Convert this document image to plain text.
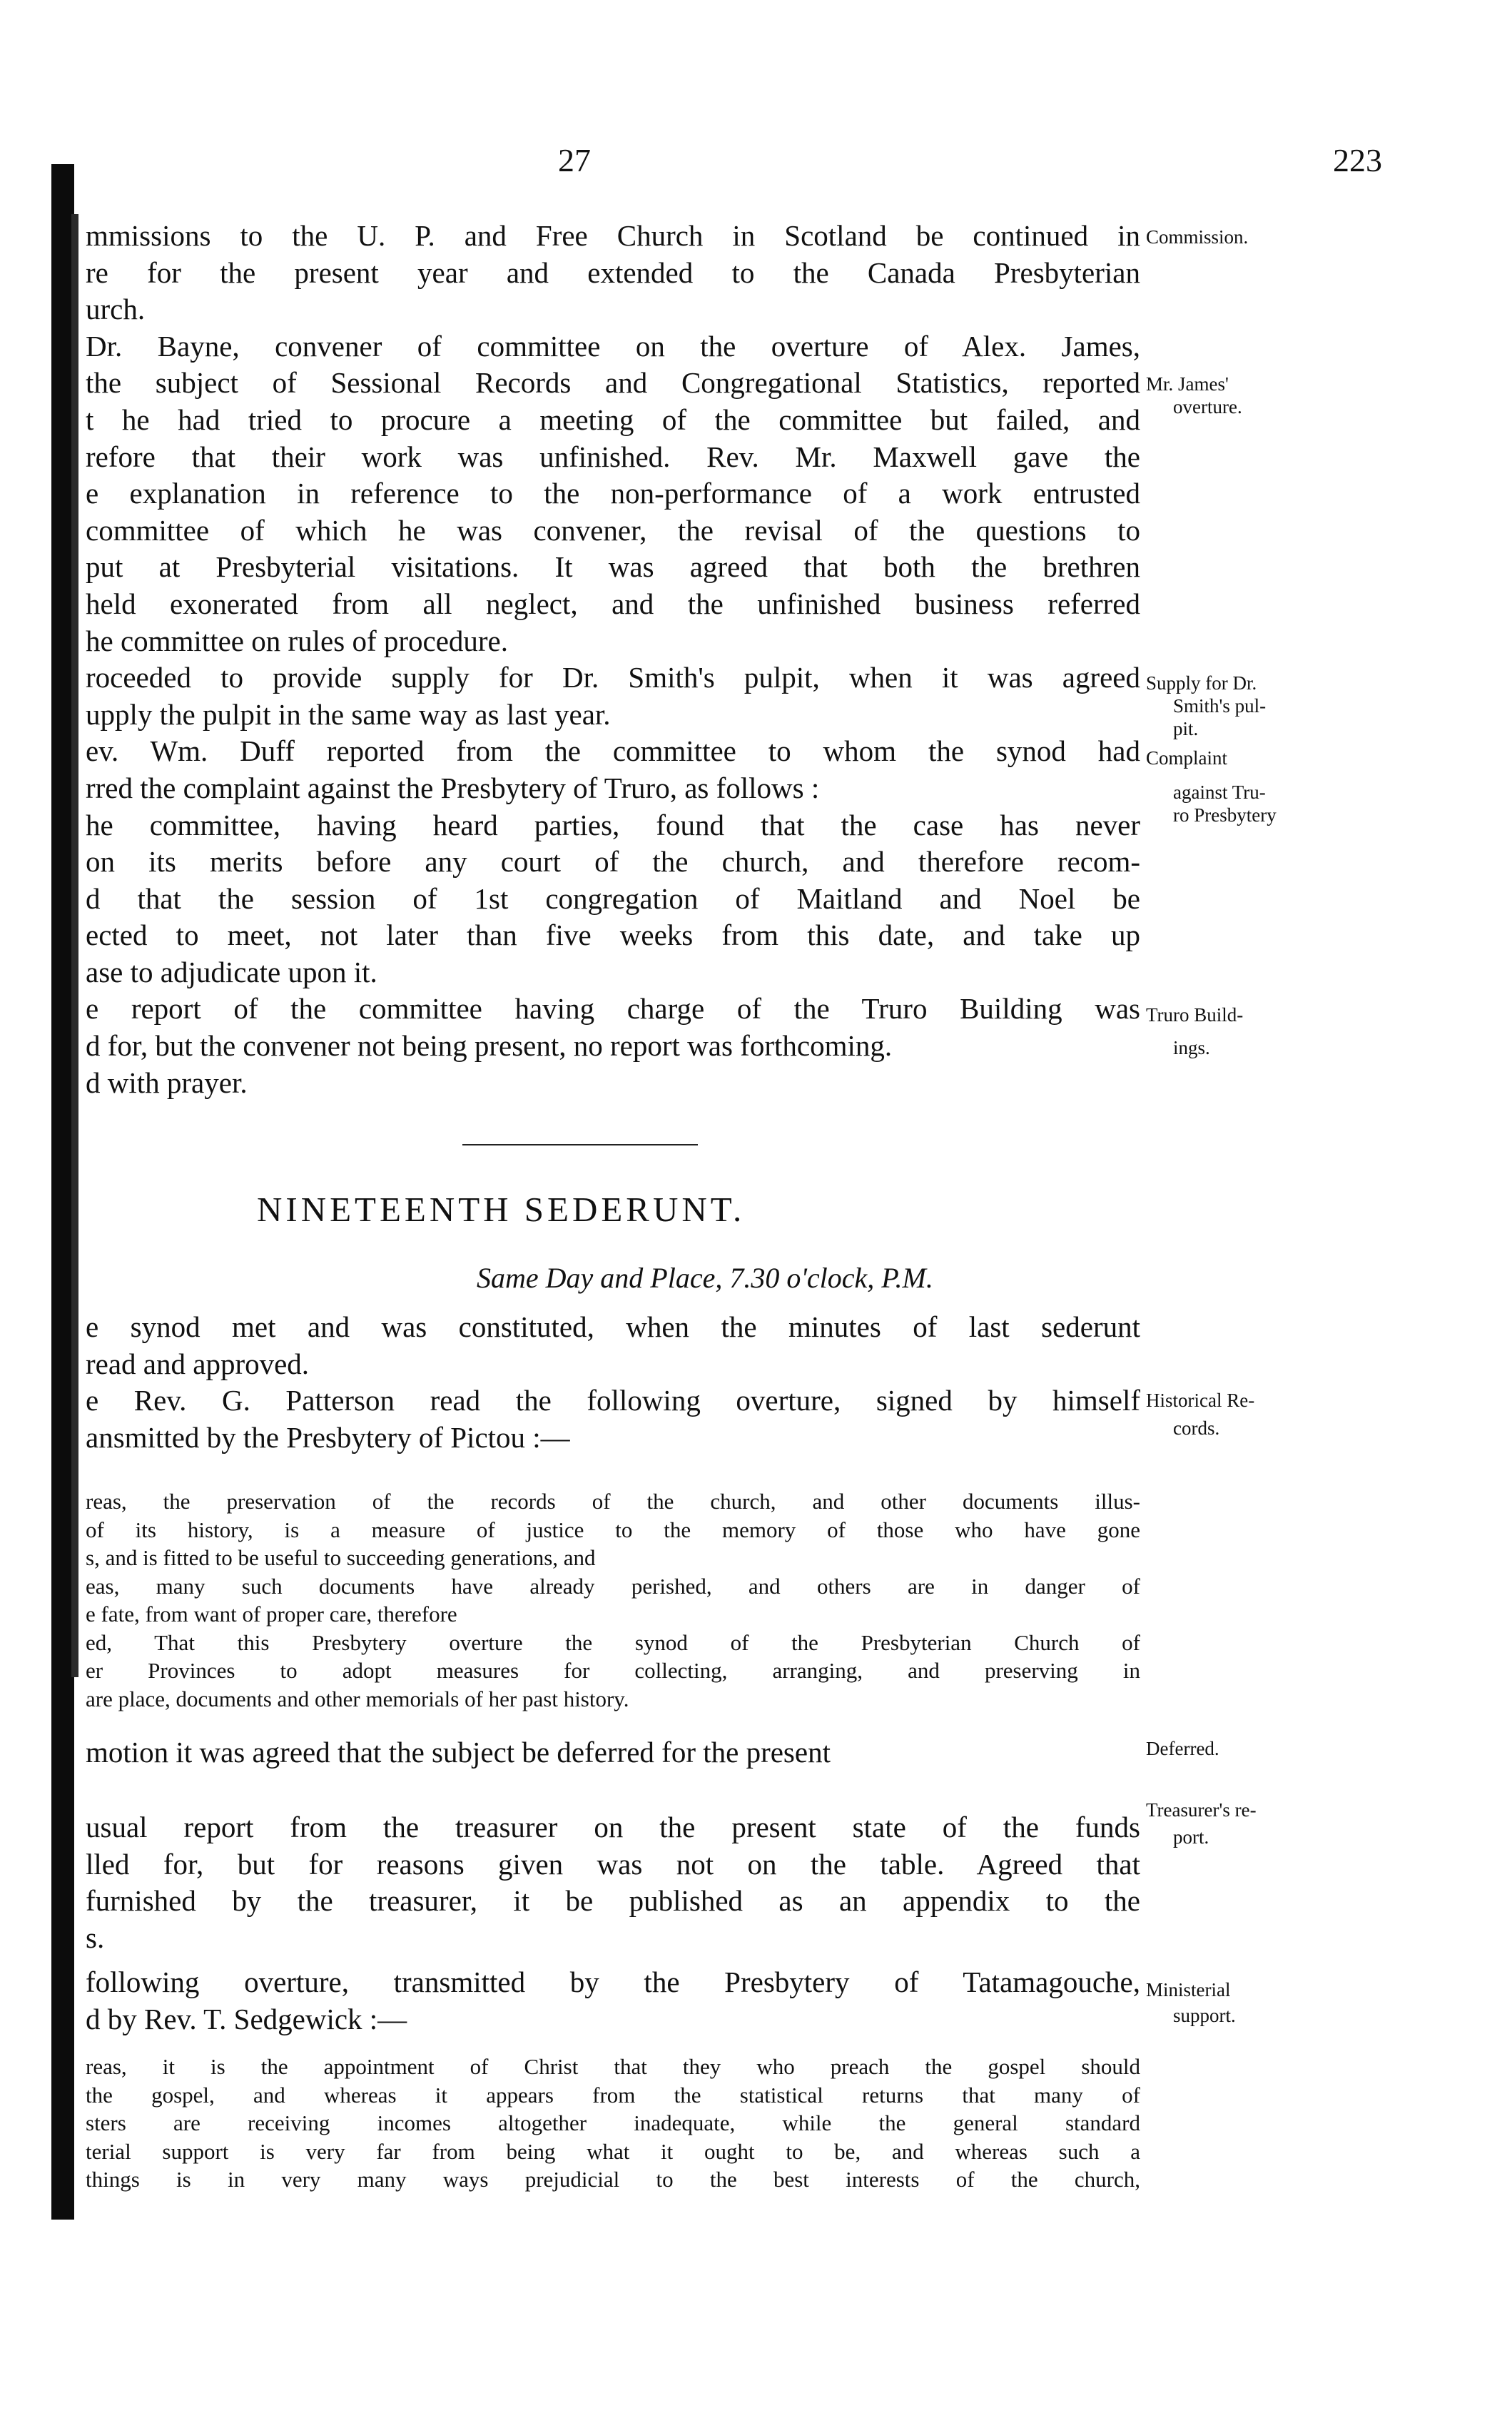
27	223

mmissions to the U. P. and Free Church in Scotland be continued in

re for the present year and extended to the Canada Presbyterian

urch.

Dr. Bayne, convener of committee on the overture of Alex. James,

the subject of Sessional Records and Congregational Statistics, reported

t he had tried to procure a meeting of the committee but failed, and

refore that their work was unfinished. Rev. Mr. Maxwell gave the

e explanation in reference to the non-performance of a work entrusted

committee of which he was convener, the revisal of the questions to

put at Presbyterial visitations. It was agreed that both the brethren

held exonerated from all neglect, and the unfinished business referred

he committee on rules of procedure.

roceeded to provide supply for Dr. Smith's pulpit, when it was agreed

upply the pulpit in the same way as last year.

ev. Wm. Duff reported from the committee to whom the synod had

rred the complaint against the Presbytery of Truro, as follows :

he committee, having heard parties, found that the case has never

on its merits before any court of the church, and therefore recom-

d that the session of 1st congregation of Maitland and Noel be

ected to meet, not later than five weeks from this date, and take up

ase to adjudicate upon it.

e report of the committee having charge of the Truro Building was

d for, but the convener not being present, no report was forthcoming.

d with prayer.

Commission.
Mr. James'
overture.
Supply for Dr.
Smith's pul-
pit.
Complaint
against Tru-
ro Presbytery
Truro Build-
ings.
NINETEENTH SEDERUNT.
Same Day and Place, 7.30 o'clock, P.M.

e synod met and was constituted, when the minutes of last sederunt

read and approved.

e Rev. G. Patterson read the following overture, signed by himself

ansmitted by the Presbytery of Pictou :—

Historical Re-
cords.

reas, the preservation of the records of the church, and other documents illus-

of its history, is a measure of justice to the memory of those who have gone

s, and is fitted to be useful to succeeding generations, and

eas, many such documents have already perished, and others are in danger of

e fate, from want of proper care, therefore

ed, That this Presbytery overture the synod of the Presbyterian Church of

er Provinces to adopt measures for collecting, arranging, and preserving in

are place, documents and other memorials of her past history.

motion it was agreed that the subject be deferred for the present	Deferred.

usual report from the treasurer on the present state of the funds

lled for, but for reasons given was not on the table. Agreed that

furnished by the treasurer, it be published as an appendix to the

s.

Treasurer's re-
port.

following overture, transmitted by the Presbytery of Tatamagouche,

d by Rev. T. Sedgewick :—

Ministerial
support.

reas, it is the appointment of Christ that they who preach the gospel should

the gospel, and whereas it appears from the statistical returns that many of

sters are receiving incomes altogether inadequate, while the general standard

terial support is very far from being what it ought to be, and whereas such a

things is in very many ways prejudicial to the best interests of the church,
